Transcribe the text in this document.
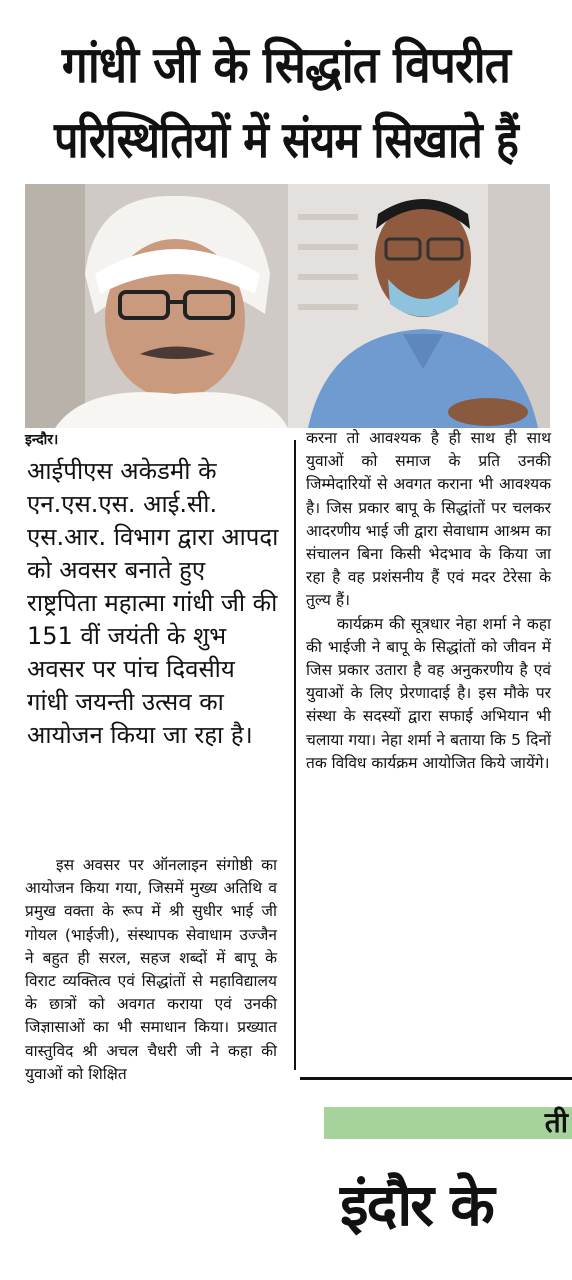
गांधी जी के सिद्धांत विपरीत
परिस्थितियों में संयम सिखाते हैं
इन्दौर।

आईपीएस अकेडमी के एन.एस.एस. आई.सी. एस.आर. विभाग द्वारा आपदा को अवसर बनाते हुए राष्ट्रपिता महात्मा गांधी जी की 151 वीं जयंती के शुभ अवसर पर पांच दिवसीय गांधी जयन्ती उत्सव का आयोजन किया जा रहा है।

इस अवसर पर ऑनलाइन संगोष्ठी का आयोजन किया गया, जिसमें मुख्य अतिथि व प्रमुख वक्ता के रूप में श्री सुधीर भाई जी गोयल (भाईजी), संस्थापक सेवाधाम उज्जैन ने बहुत ही सरल, सहज शब्दों में बापू के विराट व्यक्तित्व एवं सिद्धांतों से महाविद्यालय के छात्रों को अवगत कराया एवं उनकी जिज्ञासाओं का भी समाधान किया। प्रख्यात वास्तुविद श्री अचल चैधरी जी ने कहा की युवाओं को शिक्षित

करना तो आवश्यक है ही साथ ही साथ युवाओं को समाज के प्रति उनकी जिम्मेदारियों से अवगत कराना भी आवश्यक है। जिस प्रकार बापू के सिद्धांतों पर चलकर आदरणीय भाई जी द्वारा सेवाधाम आश्रम का संचालन बिना किसी भेदभाव के किया जा रहा है वह प्रशंसनीय हैं एवं मदर टेरेसा के तुल्य हैं।

कार्यक्रम की सूत्रधार नेहा शर्मा ने कहा की भाईजी ने बापू के सिद्धांतों को जीवन में जिस प्रकार उतारा है वह अनुकरणीय है एवं युवाओं के लिए प्रेरणादाई है। इस मौके पर संस्था के सदस्यों द्वारा सफाई अभियान भी चलाया गया। नेहा शर्मा ने बताया कि 5 दिनों तक विविध कार्यक्रम आयोजित किये जायेंगे।

ती
इंदौर के
